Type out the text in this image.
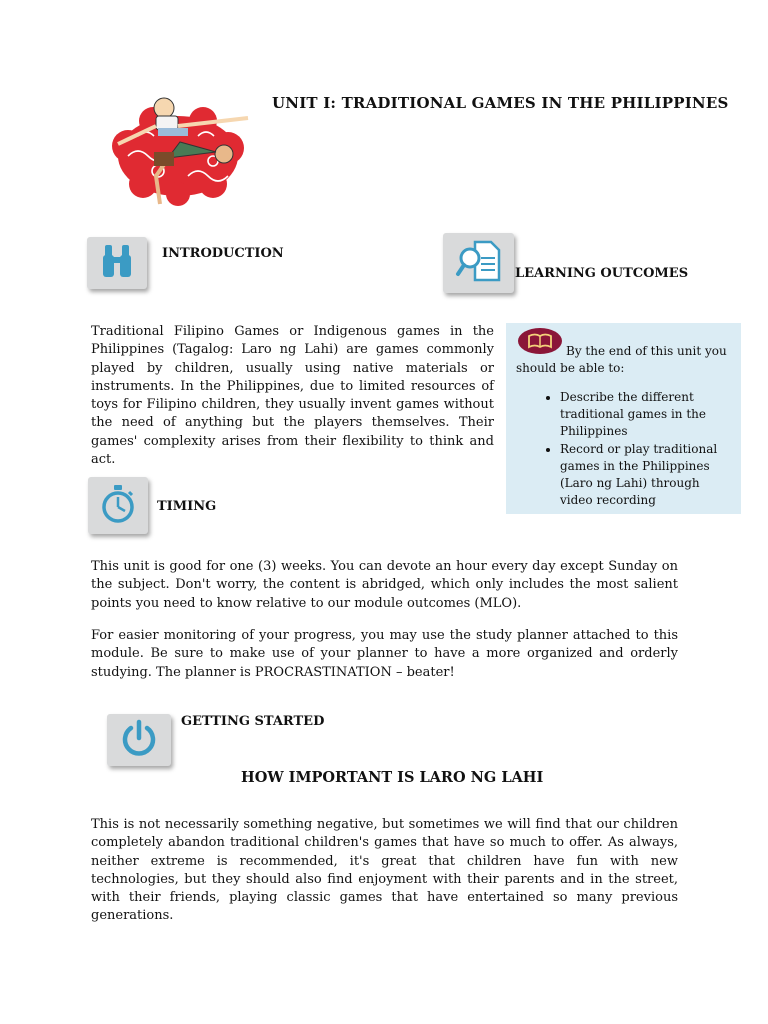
UNIT I: TRADITIONAL GAMES IN THE PHILIPPINES
INTRODUCTION
Traditional Filipino Games or Indigenous games in the Philippines (Tagalog: Laro ng Lahi) are games commonly played by children, usually using native materials or instruments. In the Philippines, due to limited resources of toys for Filipino children, they usually invent games without the need of anything but the players themselves. Their games' complexity arises from their flexibility to think and act.
LEARNING OUTCOMES
By the end of this unit you should be able to:
• Describe the different traditional games in the Philippines
• Record or play traditional games in the Philippines (Laro ng Lahi) through video recording
TIMING
This unit is good for one (3) weeks. You can devote an hour every day except Sunday on the subject. Don't worry, the content is abridged, which only includes the most salient points you need to know relative to our module outcomes (MLO).
For easier monitoring of your progress, you may use the study planner attached to this module. Be sure to make use of your planner to have a more organized and orderly studying. The planner is PROCRASTINATION – beater!
GETTING STARTED
HOW IMPORTANT IS LARO NG LAHI
This is not necessarily something negative, but sometimes we will find that our children completely abandon traditional children's games that have so much to offer. As always, neither extreme is recommended, it's great that children have fun with new technologies, but they should also find enjoyment with their parents and in the street, with their friends, playing classic games that have entertained so many previous generations.
